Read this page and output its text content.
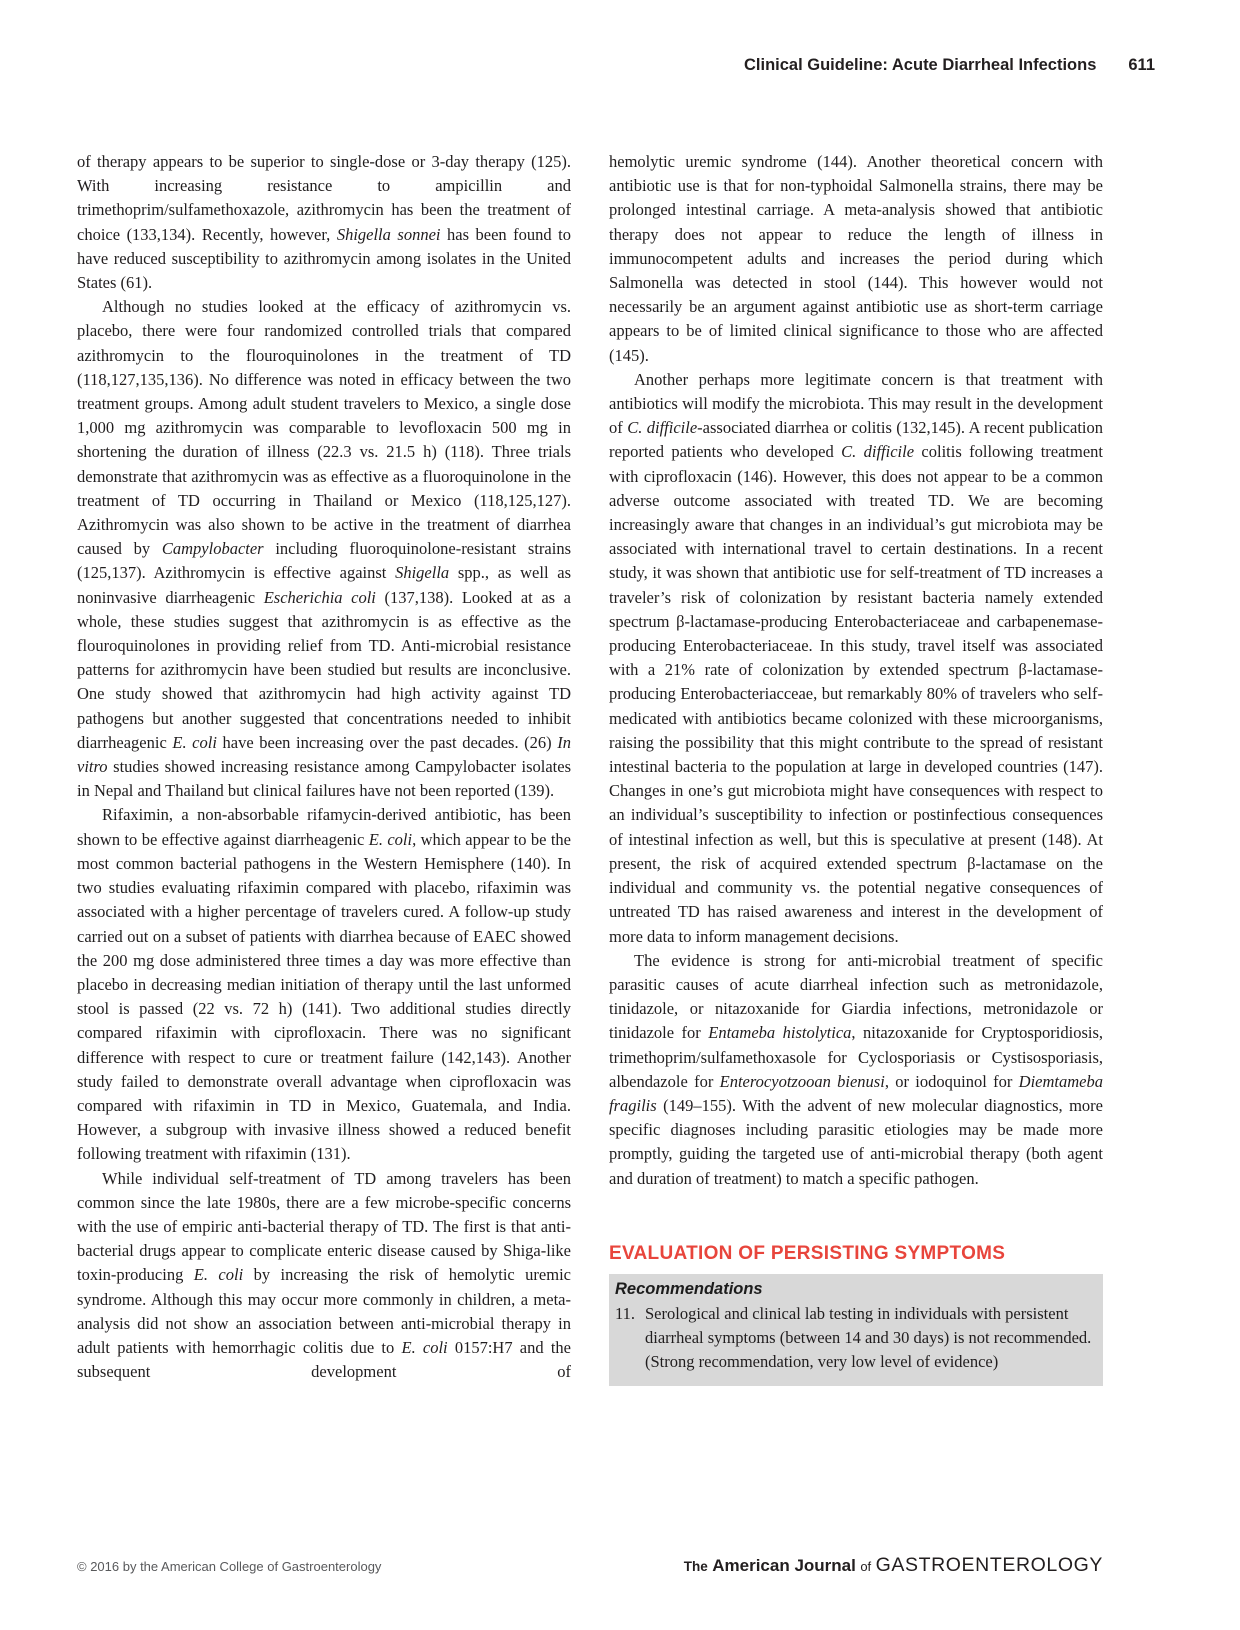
Clinical Guideline: Acute Diarrheal Infections 611

of therapy appears to be superior to single-dose or 3-day therapy (125). With increasing resistance to ampicillin and trimethoprim/sulfamethoxazole, azithromycin has been the treatment of choice (133,134). Recently, however, Shigella sonnei has been found to have reduced susceptibility to azithromycin among isolates in the United States (61).

Although no studies looked at the efficacy of azithromycin vs. placebo, there were four randomized controlled trials that compared azithromycin to the flouroquinolones in the treatment of TD (118,127,135,136). No difference was noted in efficacy between the two treatment groups. Among adult student travelers to Mexico, a single dose 1,000 mg azithromycin was comparable to levofloxacin 500 mg in shortening the duration of illness (22.3 vs. 21.5 h) (118). Three trials demonstrate that azithromycin was as effective as a fluoroquinolone in the treatment of TD occurring in Thailand or Mexico (118,125,127). Azithromycin was also shown to be active in the treatment of diarrhea caused by Campylobacter including fluoroquinolone-resistant strains (125,137). Azithromycin is effective against Shigella spp., as well as noninvasive diarrheagenic Escherichia coli (137,138). Looked at as a whole, these studies suggest that azithromycin is as effective as the flouroquinolones in providing relief from TD. Anti-microbial resistance patterns for azithromycin have been studied but results are inconclusive. One study showed that azithromycin had high activity against TD pathogens but another suggested that concentrations needed to inhibit diarrheagenic E. coli have been increasing over the past decades. (26) In vitro studies showed increasing resistance among Campylobacter isolates in Nepal and Thailand but clinical failures have not been reported (139).

Rifaximin, a non-absorbable rifamycin-derived antibiotic, has been shown to be effective against diarrheagenic E. coli, which appear to be the most common bacterial pathogens in the Western Hemisphere (140). In two studies evaluating rifaximin compared with placebo, rifaximin was associated with a higher percentage of travelers cured. A follow-up study carried out on a subset of patients with diarrhea because of EAEC showed the 200 mg dose administered three times a day was more effective than placebo in decreasing median initiation of therapy until the last unformed stool is passed (22 vs. 72 h) (141). Two additional studies directly compared rifaximin with ciprofloxacin. There was no significant difference with respect to cure or treatment failure (142,143). Another study failed to demonstrate overall advantage when ciprofloxacin was compared with rifaximin in TD in Mexico, Guatemala, and India. However, a subgroup with invasive illness showed a reduced benefit following treatment with rifaximin (131).

While individual self-treatment of TD among travelers has been common since the late 1980s, there are a few microbe-specific concerns with the use of empiric anti-bacterial therapy of TD. The first is that anti-bacterial drugs appear to complicate enteric disease caused by Shiga-like toxin-producing E. coli by increasing the risk of hemolytic uremic syndrome. Although this may occur more commonly in children, a meta-analysis did not show an association between anti-microbial therapy in adult patients with hemorrhagic colitis due to E. coli 0157:H7 and the subsequent development of

hemolytic uremic syndrome (144). Another theoretical concern with antibiotic use is that for non-typhoidal Salmonella strains, there may be prolonged intestinal carriage. A meta-analysis showed that antibiotic therapy does not appear to reduce the length of illness in immunocompetent adults and increases the period during which Salmonella was detected in stool (144). This however would not necessarily be an argument against antibiotic use as short-term carriage appears to be of limited clinical significance to those who are affected (145).

Another perhaps more legitimate concern is that treatment with antibiotics will modify the microbiota. This may result in the development of C. difficile-associated diarrhea or colitis (132,145). A recent publication reported patients who developed C. difficile colitis following treatment with ciprofloxacin (146). However, this does not appear to be a common adverse outcome associated with treated TD. We are becoming increasingly aware that changes in an individual’s gut microbiota may be associated with international travel to certain destinations. In a recent study, it was shown that antibiotic use for self-treatment of TD increases a traveler’s risk of colonization by resistant bacteria namely extended spectrum β-lactamase-producing Enterobacteriaceae and carbapenemase-producing Enterobacteriaceae. In this study, travel itself was associated with a 21% rate of colonization by extended spectrum β-lactamase-producing Enterobacteriacceae, but remarkably 80% of travelers who self-medicated with antibiotics became colonized with these microorganisms, raising the possibility that this might contribute to the spread of resistant intestinal bacteria to the population at large in developed countries (147). Changes in one’s gut microbiota might have consequences with respect to an individual’s susceptibility to infection or postinfectious consequences of intestinal infection as well, but this is speculative at present (148). At present, the risk of acquired extended spectrum β-lactamase on the individual and community vs. the potential negative consequences of untreated TD has raised awareness and interest in the development of more data to inform management decisions.

The evidence is strong for anti-microbial treatment of specific parasitic causes of acute diarrheal infection such as metronidazole, tinidazole, or nitazoxanide for Giardia infections, metronidazole or tinidazole for Entameba histolytica, nitazoxanide for Cryptosporidiosis, trimethoprim/sulfamethoxasole for Cyclosporiasis or Cystisosporiasis, albendazole for Enterocyotzooan bienusi, or iodoquinol for Diemtameba fragilis (149–155). With the advent of new molecular diagnostics, more specific diagnoses including parasitic etiologies may be made more promptly, guiding the targeted use of anti-microbial therapy (both agent and duration of treatment) to match a specific pathogen.

EVALUATION OF PERSISTING SYMPTOMS
Recommendations
11. Serological and clinical lab testing in individuals with persistent diarrheal symptoms (between 14 and 30 days) is not recommended. (Strong recommendation, very low level of evidence)
© 2016 by the American College of Gastroenterology	The American Journal of GASTROENTEROLOGY
